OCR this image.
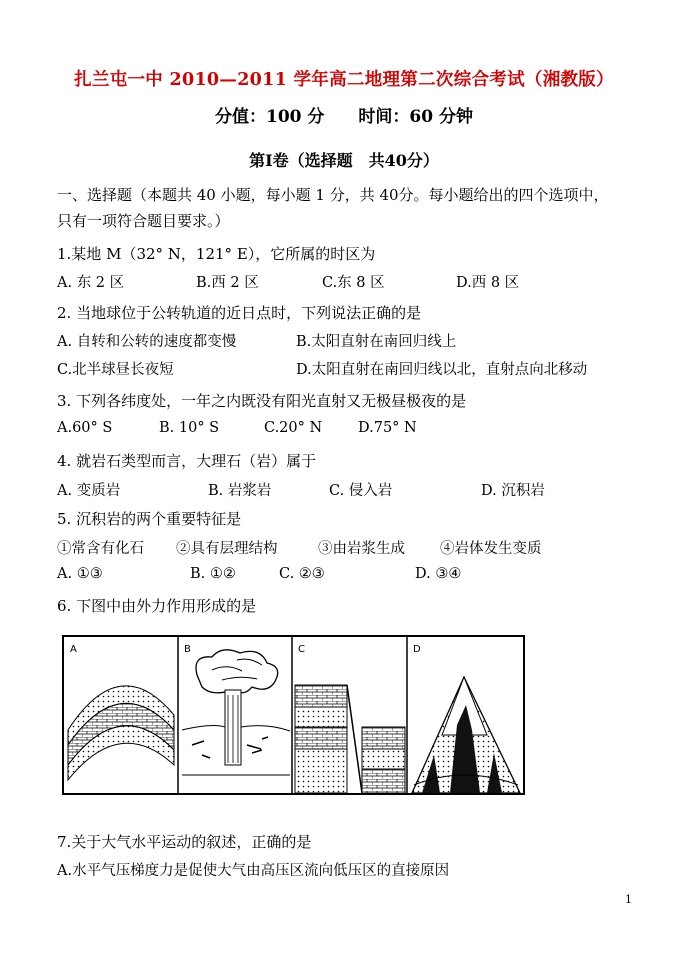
扎兰屯一中 2010—2011 学年高二地理第二次综合考试（湘教版）
分值：100 分 时间：60 分钟
第Ⅰ卷（选择题　共40分）
一、选择题（本题共 40 小题，每小题 1 分，共 40分。每小题给出的四个选项中，
只有一项符合题目要求。）
1.某地 M（32° N，121° E），它所属的时区为
A. 东 2 区	B.西 2 区	C.东 8 区	D.西 8 区
2. 当地球位于公转轨道的近日点时，下列说法正确的是
A. 自转和公转的速度都变慢	B.太阳直射在南回归线上
C.北半球昼长夜短	D.太阳直射在南回归线以北，直射点向北移动
3. 下列各纬度处，一年之内既没有阳光直射又无极昼极夜的是
A.60° S	B. 10° S	C.20° N D.75° N
4. 就岩石类型而言，大理石（岩）属于
A. 变质岩	B. 岩浆岩	C. 侵入岩	D. 沉积岩
5. 沉积岩的两个重要特征是
①常含有化石 ②具有层理结构	③由岩浆生成 ④岩体发生变质
A. ①③	B. ①②	C. ②③	D. ③④
6. 下图中由外力作用形成的是
A	B	C	D
7.关于大气水平运动的叙述，正确的是
A.水平气压梯度力是促使大气由高压区流向低压区的直接原因
1
